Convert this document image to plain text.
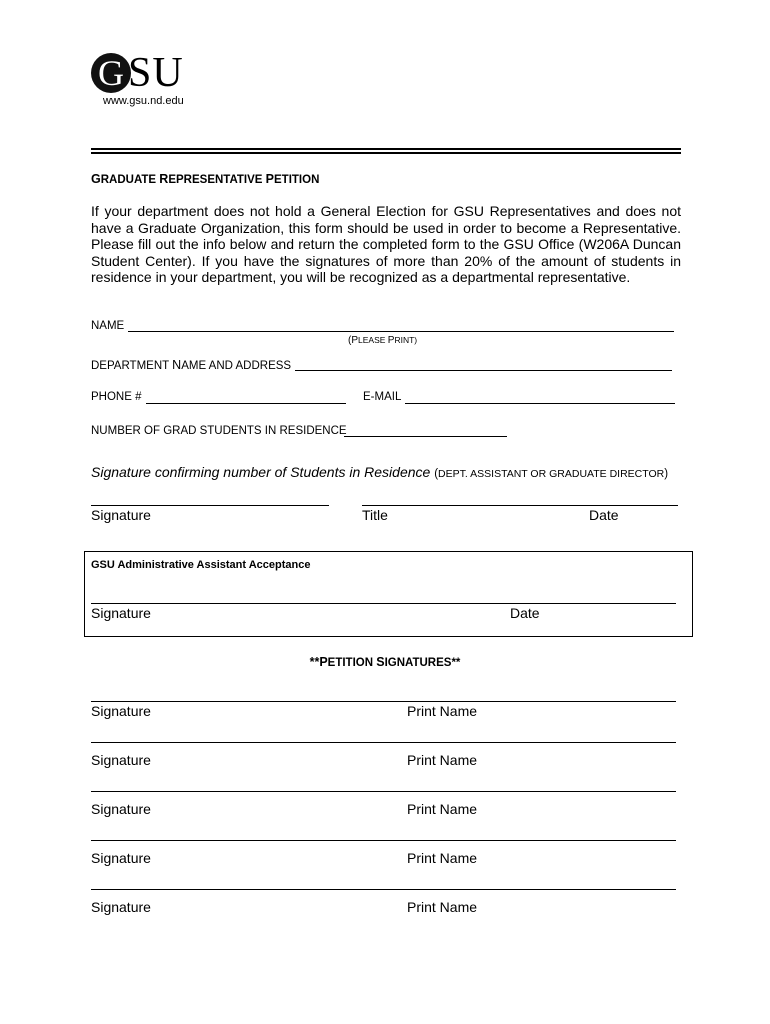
G SU
www.gsu.nd.edu
GRADUATE REPRESENTATIVE PETITION
If your department does not hold a General Election for GSU Representatives and does not have a Graduate Organization, this form should be used in order to become a Representative. Please fill out the info below and return the completed form to the GSU Office (W206A Duncan Student Center). If you have the signatures of more than 20% of the amount of students in residence in your department, you will be recognized as a departmental representative.
NAME
(PLEASE PRINT)
DEPARTMENT NAME AND ADDRESS
PHONE #	E-MAIL
NUMBER OF GRAD STUDENTS IN RESIDENCE
Signature confirming number of Students in Residence (DEPT. ASSISTANT OR GRADUATE DIRECTOR)
Signature	Title	Date
GSU Administrative Assistant Acceptance
Signature	Date
**PETITION SIGNATURES**
Signature	Print Name
Signature	Print Name
Signature	Print Name
Signature	Print Name
Signature	Print Name
